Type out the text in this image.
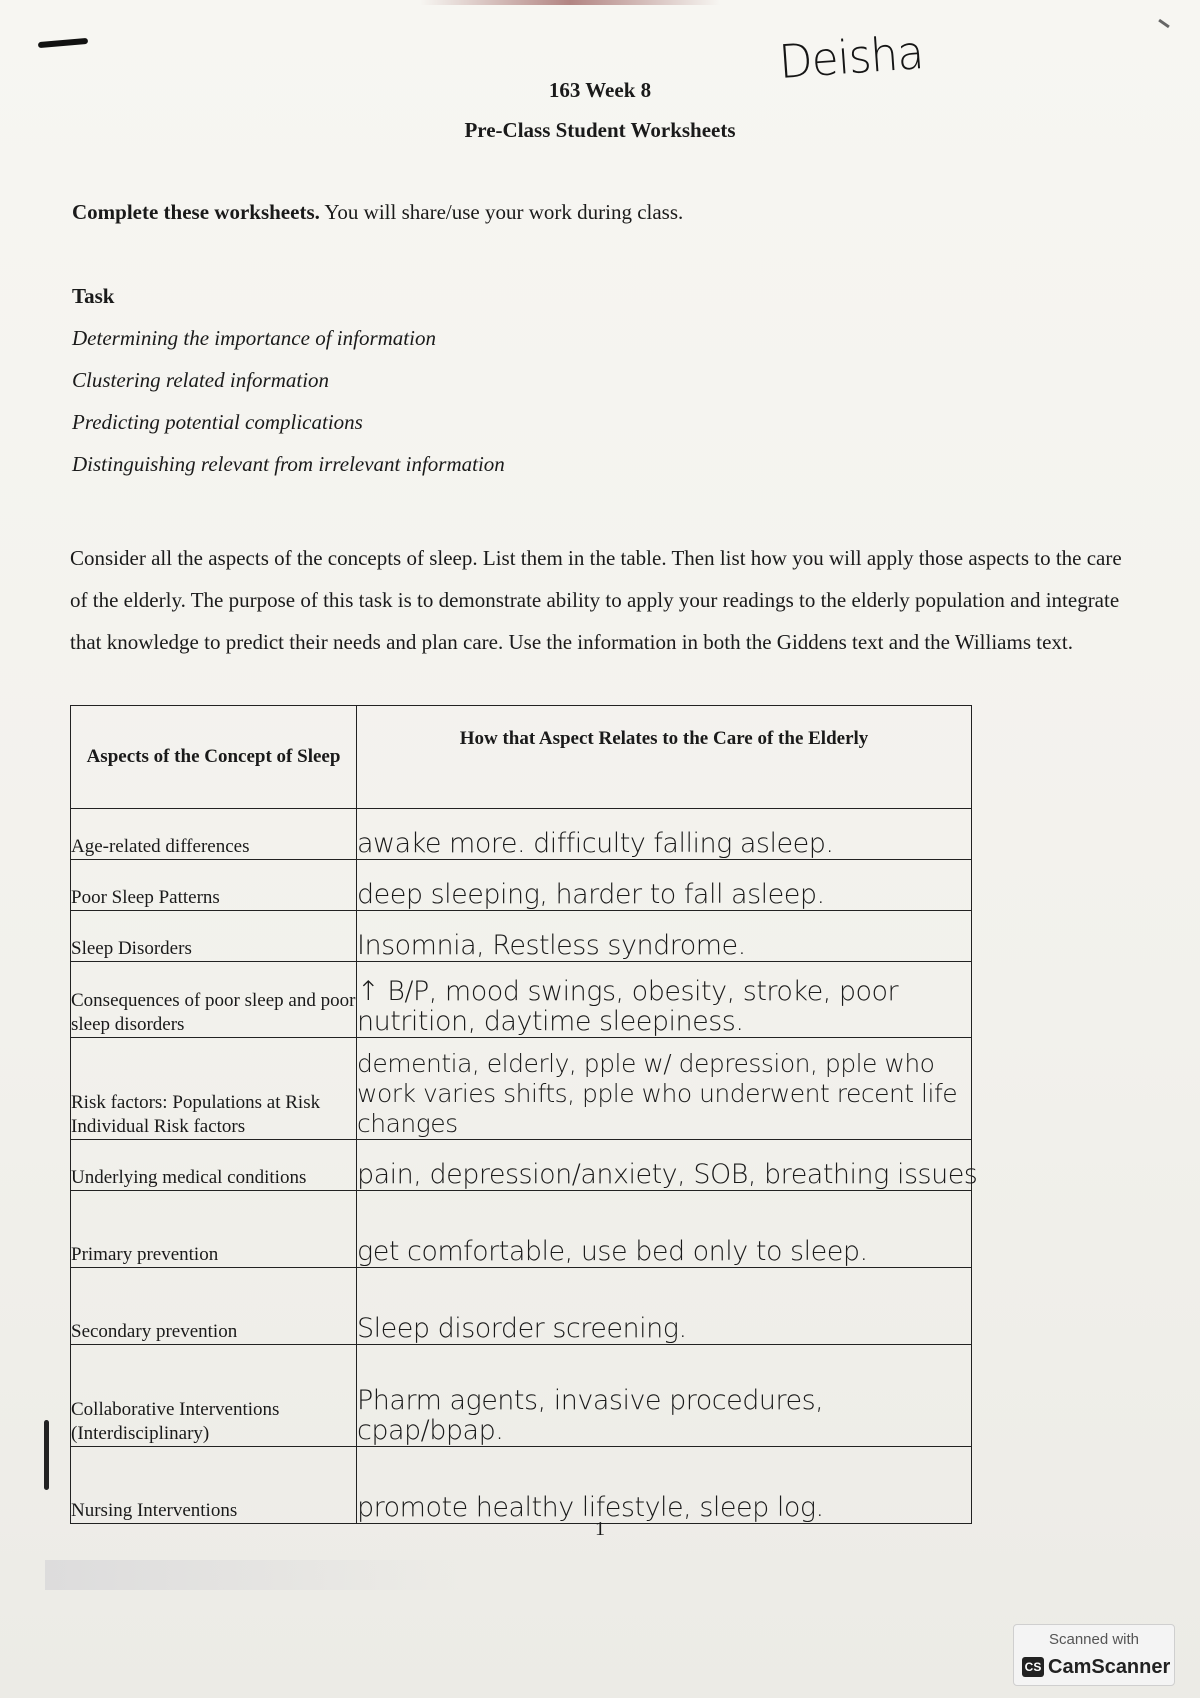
Deisha
163 Week 8
Pre-Class Student Worksheets
Complete these worksheets. You will share/use your work during class.
Task
Determining the importance of information
Clustering related information
Predicting potential complications
Distinguishing relevant from irrelevant information
Consider all the aspects of the concepts of sleep. List them in the table. Then list how you will apply those aspects to the care of the elderly. The purpose of this task is to demonstrate ability to apply your readings to the elderly population and integrate that knowledge to predict their needs and plan care. Use the information in both the Giddens text and the Williams text.
Aspects of the Concept of Sleep	How that Aspect Relates to the Care of the Elderly
Age-related differences	awake more. difficulty falling asleep.
Poor Sleep Patterns	deep sleeping, harder to fall asleep.
Sleep Disorders	Insomnia, Restless syndrome.
Consequences of poor sleep and poor sleep disorders	↑ B/P, mood swings, obesity, stroke, poor nutrition, daytime sleepiness.
Risk factors: Populations at Risk
Individual Risk factors	dementia, elderly, pple w/ depression, pple who work varies shifts, pple who underwent recent life changes
Underlying medical conditions	pain, depression/anxiety, SOB, breathing issues
Primary prevention	get comfortable, use bed only to sleep.
Secondary prevention	Sleep disorder screening.
Collaborative Interventions (Interdisciplinary)	Pharm agents, invasive procedures, cpap/bpap.
Nursing Interventions	promote healthy lifestyle, sleep log.
1
Scanned with
CS CamScanner
